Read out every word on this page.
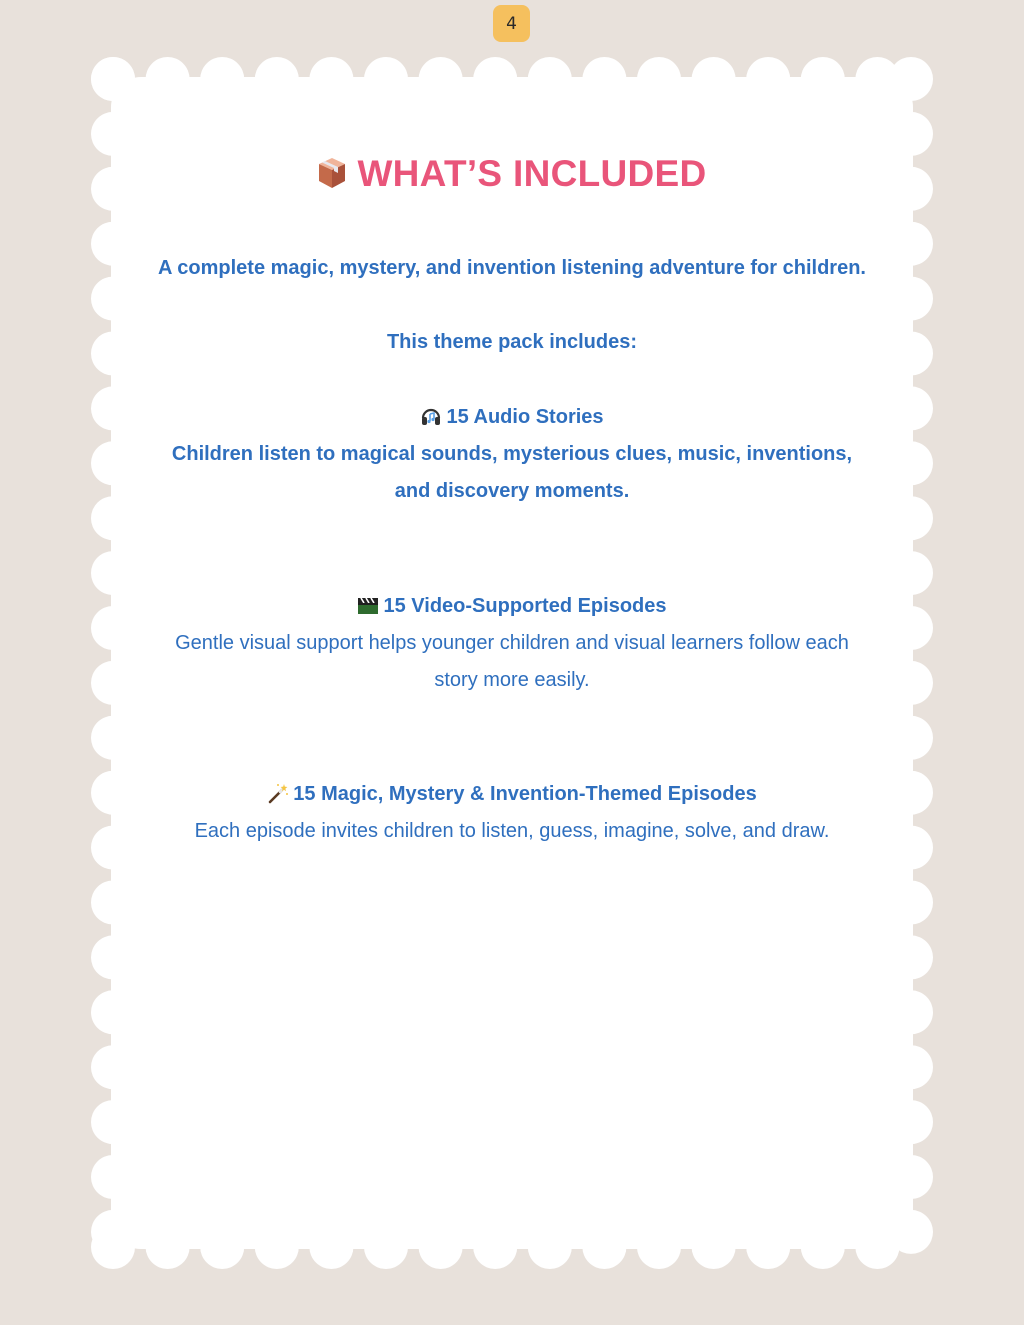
4
WHAT’S INCLUDED
A complete magic, mystery, and invention listening adventure for children.
This theme pack includes:
15 Audio Stories
Children listen to magical sounds, mysterious clues, music, inventions, and discovery moments.
15 Video-Supported Episodes
Gentle visual support helps younger children and visual learners follow each story more easily.
15 Magic, Mystery & Invention-Themed Episodes
Each episode invites children to listen, guess, imagine, solve, and draw.
